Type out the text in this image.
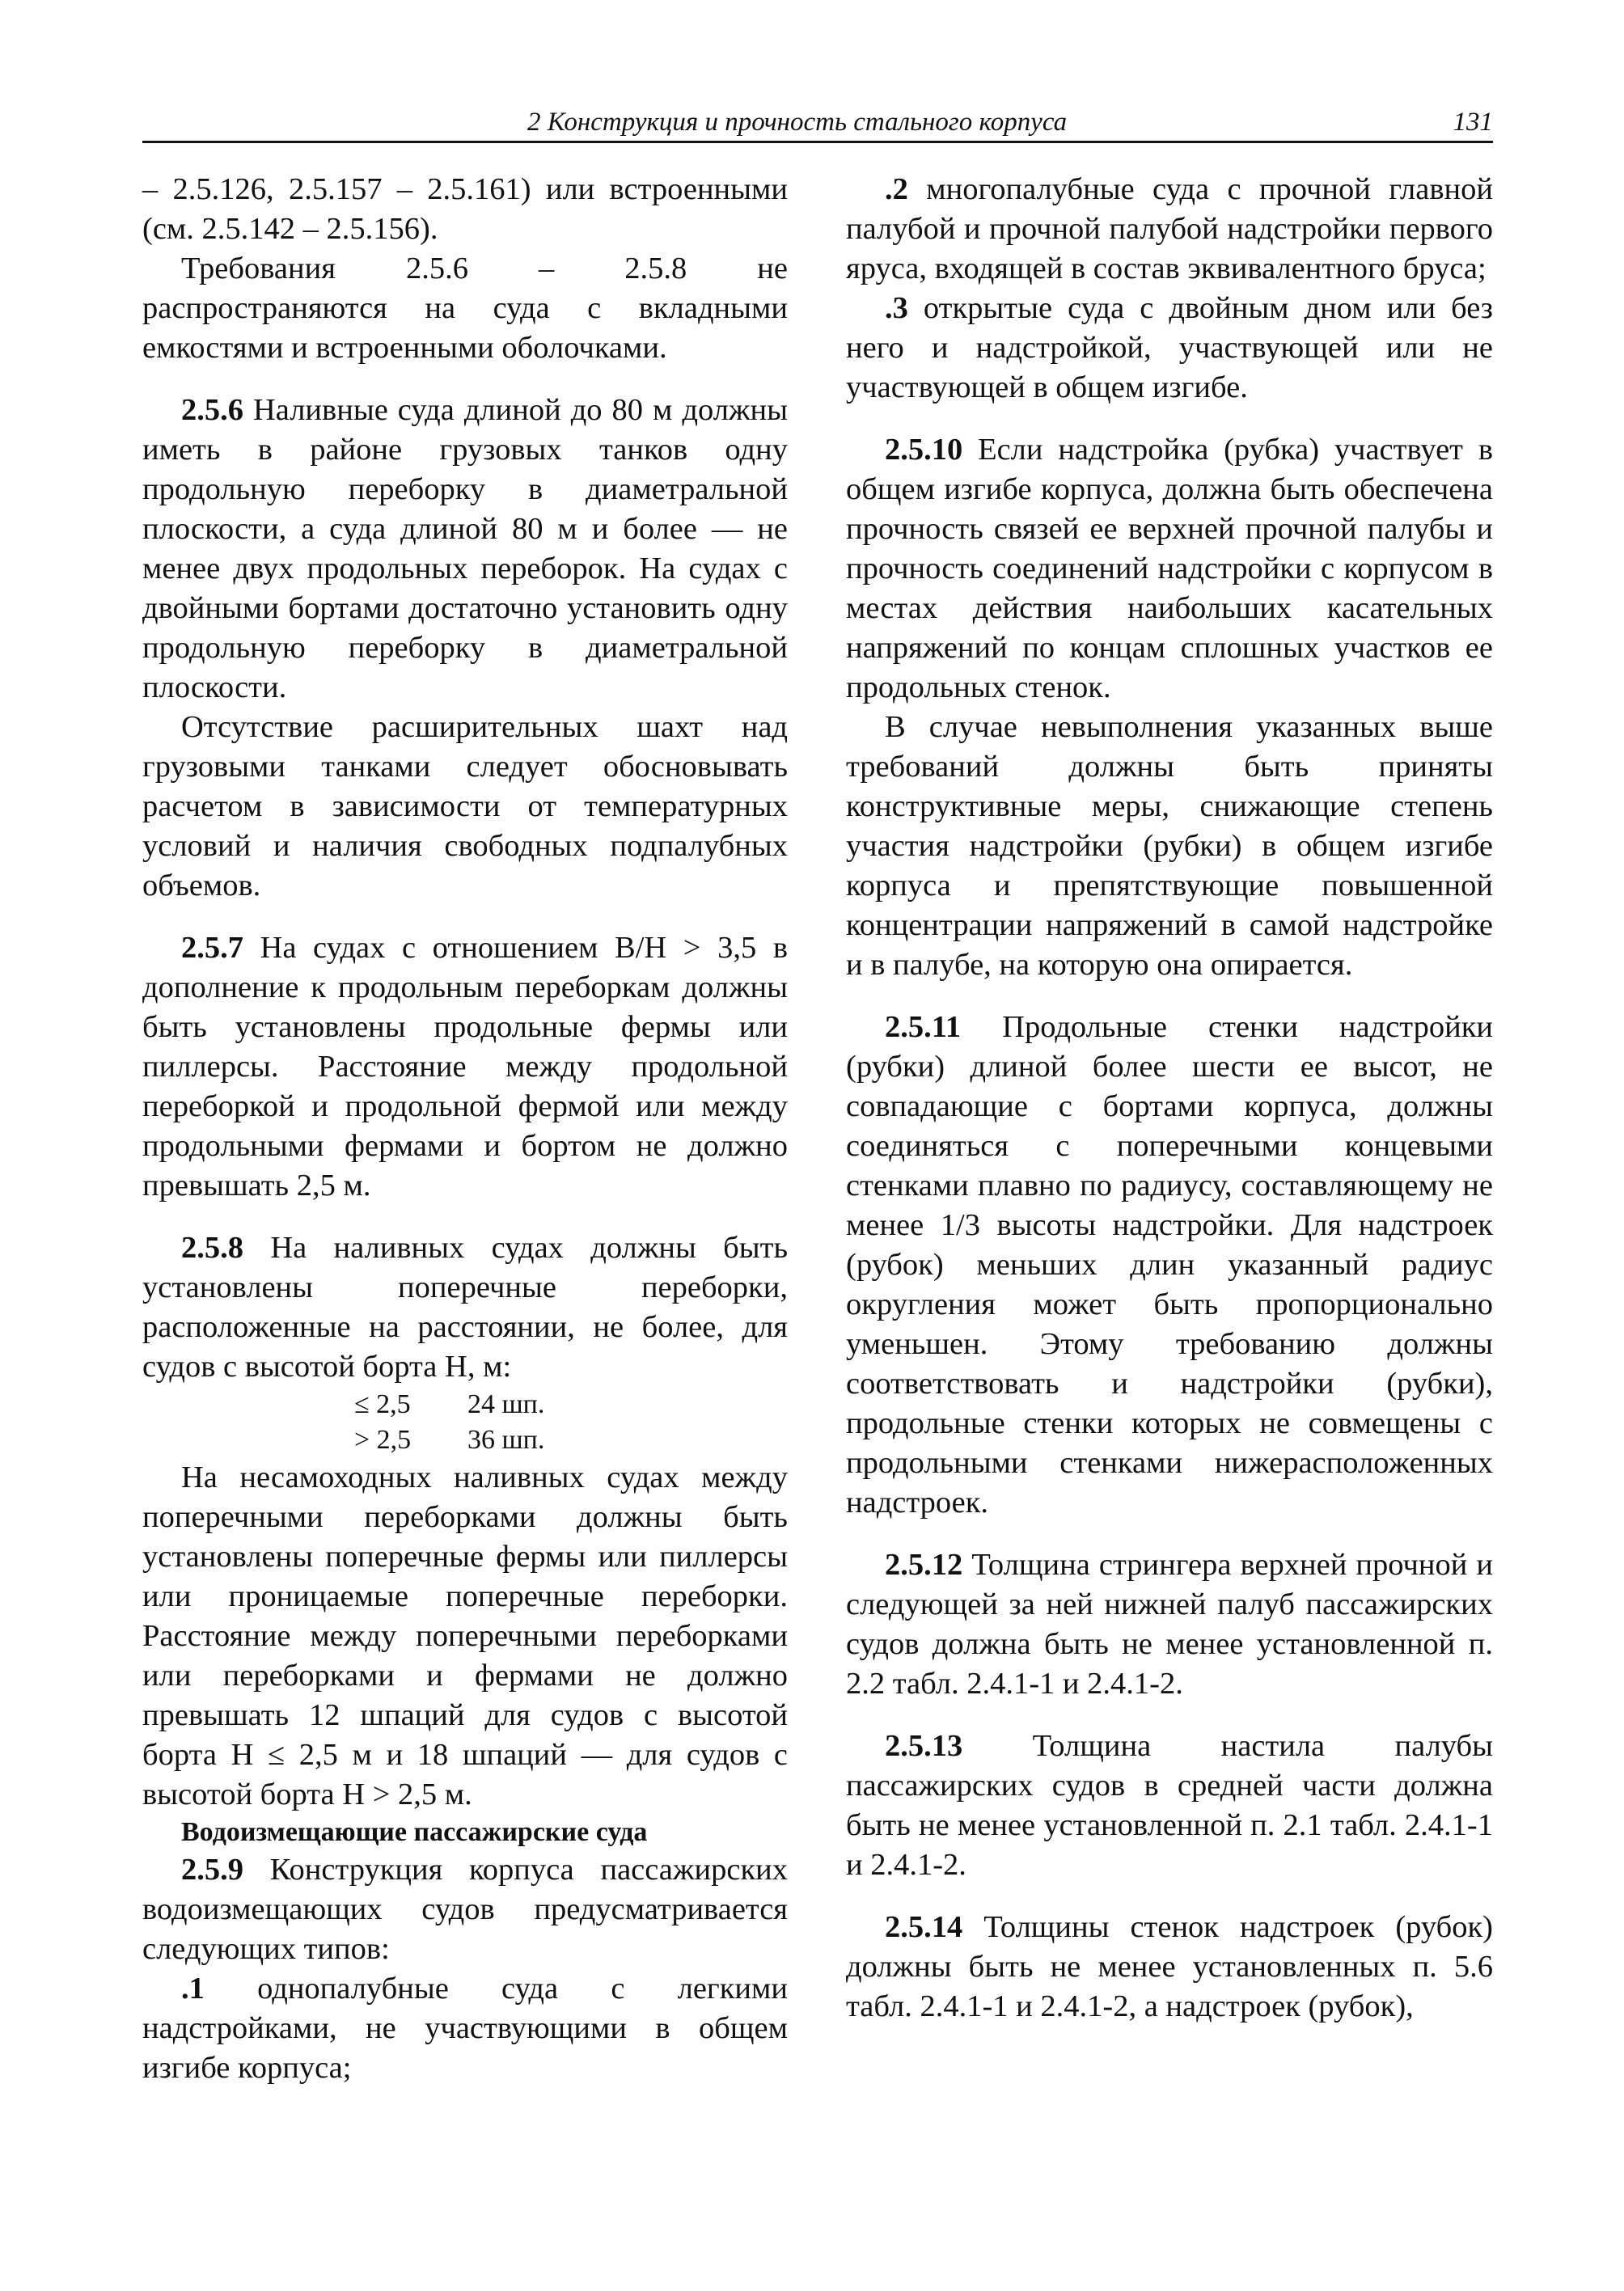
2 Конструкция и прочность стального корпуса	131

– 2.5.126, 2.5.157 – 2.5.161) или встроенными (см. 2.5.142 – 2.5.156).

Требования 2.5.6 – 2.5.8 не распространяются на суда с вкладными емкостями и встроенными оболочками.

2.5.6 Наливные суда длиной до 80 м должны иметь в районе грузовых танков одну продольную переборку в диаметральной плоскости, а суда длиной 80 м и более — не менее двух продольных переборок. На судах с двойными бортами достаточно установить одну продольную переборку в диаметральной плоскости.

Отсутствие расширительных шахт над грузовыми танками следует обосновывать расчетом в зависимости от температурных условий и наличия свободных подпалубных объемов.

2.5.7 На судах с отношением B/H > 3,5 в дополнение к продольным переборкам должны быть установлены продольные фермы или пиллерсы. Расстояние между продольной переборкой и продольной фермой или между продольными фермами и бортом не должно превышать 2,5 м.

2.5.8 На наливных судах должны быть установлены поперечные переборки, расположенные на расстоянии, не более, для судов с высотой борта H, м:

≤ 2,5	24 шп.
> 2,5	36 шп.

На несамоходных наливных судах между поперечными переборками должны быть установлены поперечные фермы или пиллерсы или проницаемые поперечные переборки. Расстояние между поперечными переборками или переборками и фермами не должно превышать 12 шпаций для судов с высотой борта H ≤ 2,5 м и 18 шпаций — для судов с высотой борта H > 2,5 м.

Водоизмещающие пассажирские суда

2.5.9 Конструкция корпуса пассажирских водоизмещающих судов предусматривается следующих типов:

.1 однопалубные суда с легкими надстройками, не участвующими в общем изгибе корпуса;

.2 многопалубные суда с прочной главной палубой и прочной палубой надстройки первого яруса, входящей в состав эквивалентного бруса;

.3 открытые суда с двойным дном или без него и надстройкой, участвующей или не участвующей в общем изгибе.

2.5.10 Если надстройка (рубка) участвует в общем изгибе корпуса, должна быть обеспечена прочность связей ее верхней прочной палубы и прочность соединений надстройки с корпусом в местах действия наибольших касательных напряжений по концам сплошных участков ее продольных стенок.

В случае невыполнения указанных выше требований должны быть приняты конструктивные меры, снижающие степень участия надстройки (рубки) в общем изгибе корпуса и препятствующие повышенной концентрации напряжений в самой надстройке и в палубе, на которую она опирается.

2.5.11 Продольные стенки надстройки (рубки) длиной более шести ее высот, не совпадающие с бортами корпуса, должны соединяться с поперечными концевыми стенками плавно по радиусу, составляющему не менее 1/3 высоты надстройки. Для надстроек (рубок) меньших длин указанный радиус округления может быть пропорционально уменьшен. Этому требованию должны соответствовать и надстройки (рубки), продольные стенки которых не совмещены с продольными стенками нижерасположенных надстроек.

2.5.12 Толщина стрингера верхней прочной и следующей за ней нижней палуб пассажирских судов должна быть не менее установленной п. 2.2 табл. 2.4.1-1 и 2.4.1-2.

2.5.13 Толщина настила палубы пассажирских судов в средней части должна быть не менее установленной п. 2.1 табл. 2.4.1-1 и 2.4.1-2.

2.5.14 Толщины стенок надстроек (рубок) должны быть не менее установленных п. 5.6 табл. 2.4.1-1 и 2.4.1-2, а надстроек (рубок),
